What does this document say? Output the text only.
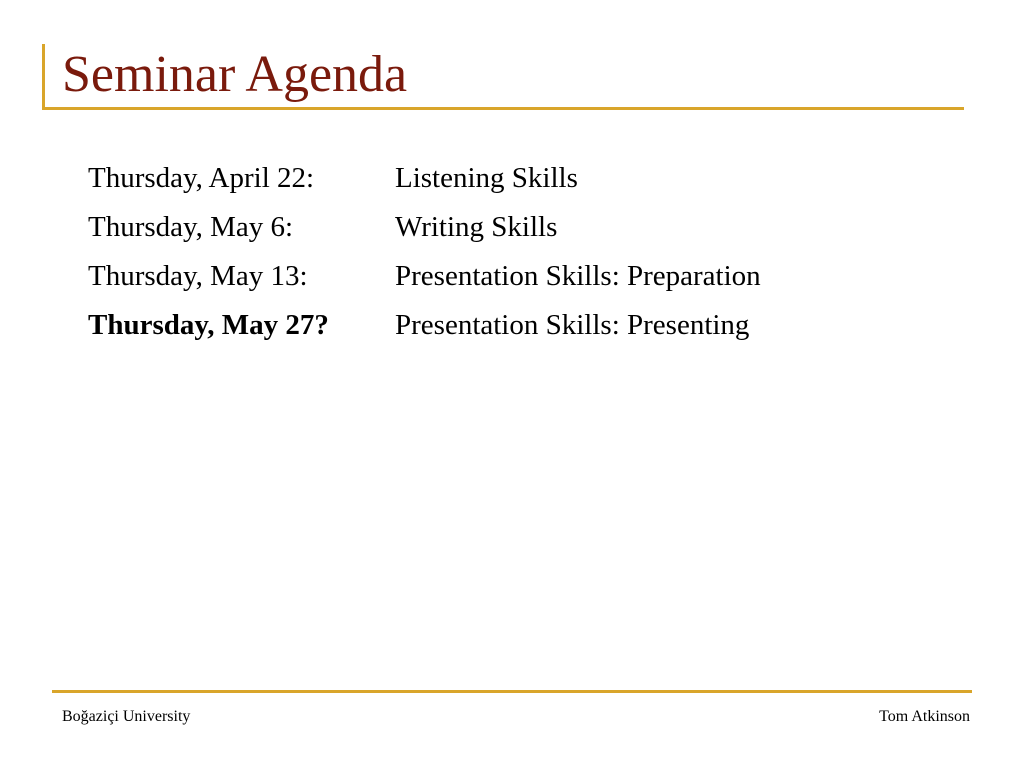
Seminar Agenda
Thursday, April 22:	Listening Skills
Thursday, May 6:	Writing Skills
Thursday, May 13:	Presentation Skills: Preparation
Thursday, May 27? Presentation Skills: Presenting
Boğaziçi University	Tom Atkinson
